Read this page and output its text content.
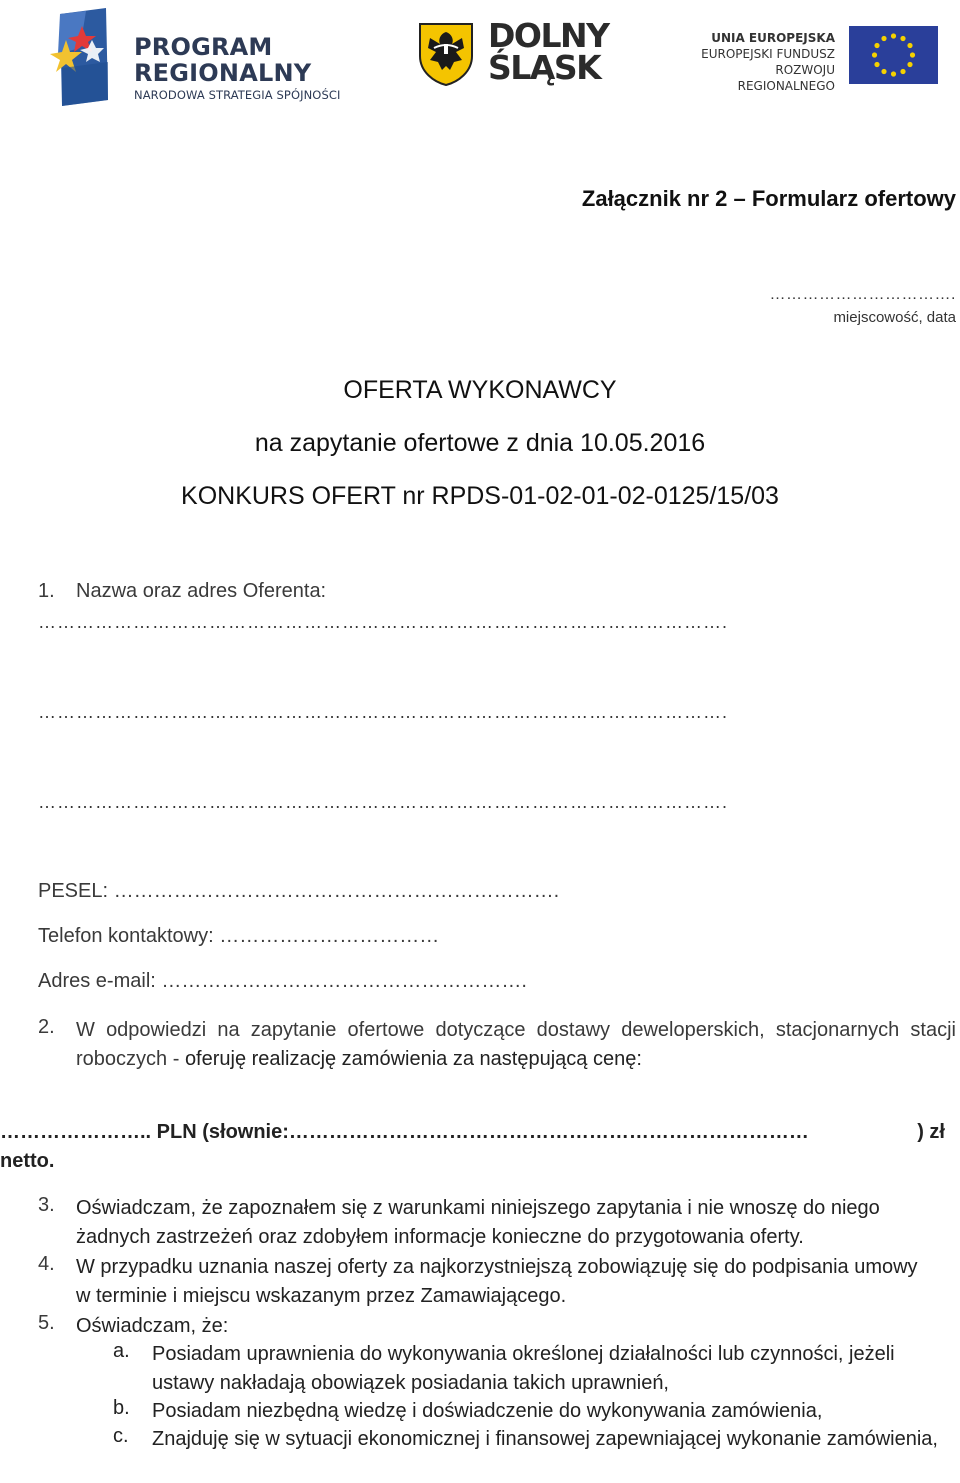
PROGRAM
REGIONALNY
NARODOWA STRATEGIA SPÓJNOŚCI
DOLNY
ŚLĄSK
UNIA EUROPEJSKA
EUROPEJSKI FUNDUSZ
ROZWOJU REGIONALNEGO
Załącznik nr 2 – Formularz ofertowy
…………………………….
miejscowość, data
OFERTA WYKONAWCY
na zapytanie ofertowe z dnia 10.05.2016
KONKURS OFERT nr RPDS-01-02-01-02-0125/15/03
1. Nazwa oraz adres Oferenta:
……………………………………………………………………………………………….
……………………………………………………………………………………………….
……………………………………………………………………………………………….
PESEL: ………………………………………………………….
Telefon kontaktowy: ……………………………
Adres e-mail: ……………………………………………….
2. W odpowiedzi na zapytanie ofertowe dotyczące dostawy deweloperskich, stacjonarnych stacji roboczych - oferuję realizację zamówienia za następującą cenę:
………………….. PLN (słownie:……………………………………………………………………	) zł
netto.
3. Oświadczam, że zapoznałem się z warunkami niniejszego zapytania i nie wnoszę do niego żadnych zastrzeżeń oraz zdobyłem informacje konieczne do przygotowania oferty.
4. W przypadku uznania naszej oferty za najkorzystniejszą zobowiązuję się do podpisania umowy w terminie i miejscu wskazanym przez Zamawiającego.
5. Oświadczam, że:
a. Posiadam uprawnienia do wykonywania określonej działalności lub czynności, jeżeli ustawy nakładają obowiązek posiadania takich uprawnień,
b. Posiadam niezbędną wiedzę i doświadczenie do wykonywania zamówienia,
c. Znajduję się w sytuacji ekonomicznej i finansowej zapewniającej wykonanie zamówienia,
